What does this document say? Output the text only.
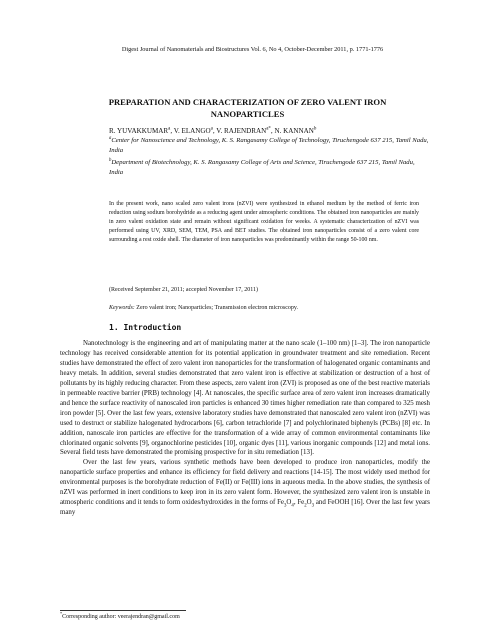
Digest Journal of Nanomaterials and Biostructures Vol. 6, No 4, October-December 2011, p. 1771-1776
PREPARATION AND CHARACTERIZATION OF ZERO VALENT IRON
NANOPARTICLES
R. YUVAKKUMAR$^a$, V. ELANGO$^a$, V. $RAJENDRAN^{a*}$, N. KANNAN$^b$
$^a$Center for Nanoscience and Technology, K. S. Rangasamy College of Technology, Tiruchengode 637 215, Tamil Nadu, India
$^b$Department of Biotechnology, K. S. Rangasamy College of Arts and Science, Tiruchengode 637 215, Tamil Nadu, India
In the present work, nano scaled zero valent irons (nZVI) were synthesized in ethanol medium by the method of ferric iron reduction using sodium borohydride as a reducing agent under atmospheric conditions. The obtained iron nanoparticles are mainly in zero valent oxidation state and remain without significant oxidation for weeks. A systematic characterization of nZVI was performed using UV, XRD, SEM, TEM, PSA and BET studies. The obtained iron nanoparticles consist of a zero valent core surrounding a rest oxide shell. The diameter of iron nanoparticles was predominantly within the range 50-100 nm.
(Received September 21, 2011; accepted November 17, 2011)
Keywords: Zero valent iron; Nanoparticles; Transmission electron microscopy.
1. Introduction

Nanotechnology is the engineering and art of manipulating matter at the nano scale (1–100 nm) [1–3]. The iron nanoparticle technology has received considerable attention for its potential application in groundwater treatment and site remediation. Recent studies have demonstrated the effect of zero valent iron nanoparticles for the transformation of halogenated organic contaminants and heavy metals. In addition, several studies demonstrated that zero valent iron is effective at stabilization or destruction of a host of pollutants by its highly reducing character. From these aspects, zero valent iron (ZVI) is proposed as one of the best reactive materials in permeable reactive barrier (PRB) technology [4]. At nanoscales, the specific surface area of zero valent iron increases dramatically and hence the surface reactivity of nanoscaled iron particles is enhanced 30 times higher remediation rate than compared to 325 mesh iron powder [5]. Over the last few years, extensive laboratory studies have demonstrated that nanoscaled zero valent iron (nZVI) was used to destruct or stabilize halogenated hydrocarbons [6], carbon tetrachloride [7] and polychlorinated biphenyls (PCBs) [8] etc. In addition, nanoscale iron particles are effective for the transformation of a wide array of common environmental contaminants like chlorinated organic solvents [9], organochlorine pesticides [10], organic dyes [11], various inorganic compounds [12] and metal ions. Several field tests have demonstrated the promising prospective for in situ remediation [13].

Over the last few years, various synthetic methods have been developed to produce iron nanoparticles, modify the nanoparticle surface properties and enhance its efficiency for field delivery and reactions [14-15]. The most widely used method for environmental purposes is the borohydrate reduction of Fe(II) or Fe(III) ions in aqueous media. In the above studies, the synthesis of nZVI was performed in inert conditions to keep iron in its zero valent form. However, the synthesized zero valent iron is unstable in atmospheric conditions and it tends to form oxides/hydroxides in the forms of $Fe_3O_4$, $Fe_2O_3$ and FeOOH [16]. Over the last few years many

*Corresponding author: veerajendran@gmail.com
